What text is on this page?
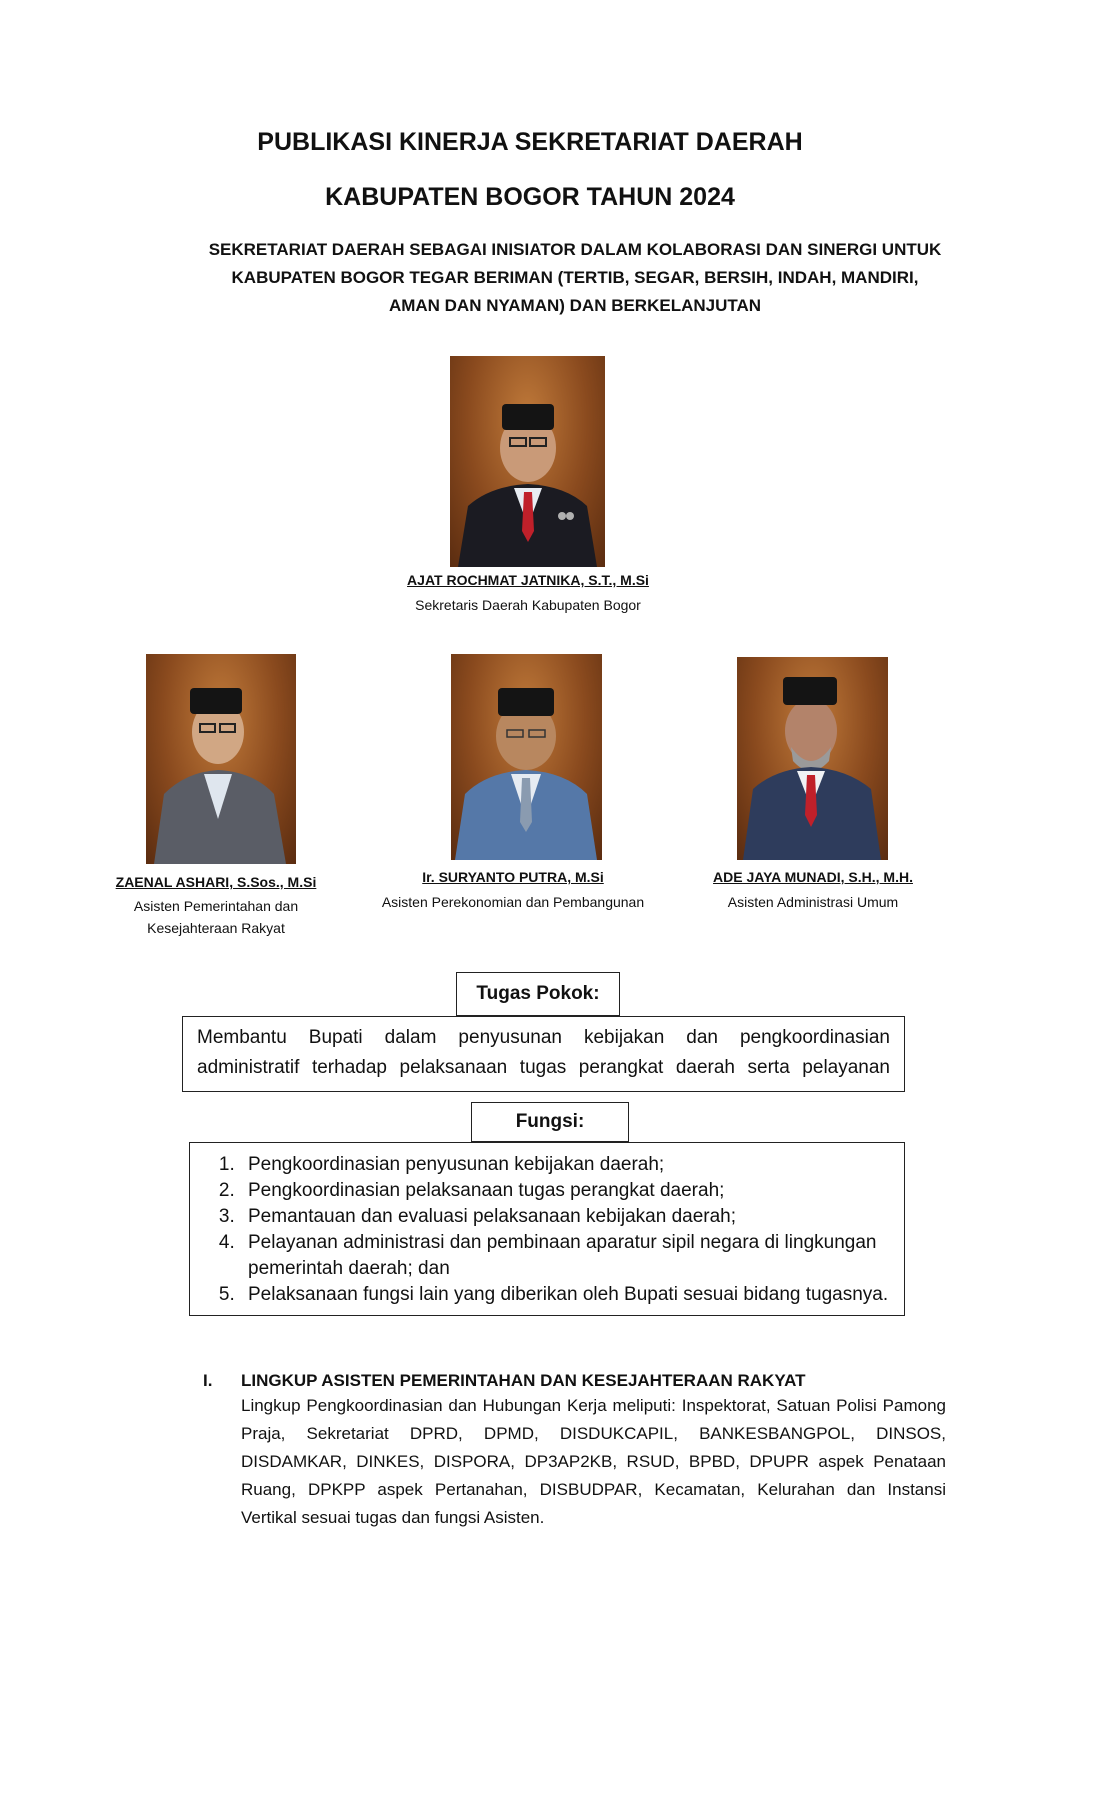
PUBLIKASI KINERJA SEKRETARIAT DAERAH
KABUPATEN BOGOR TAHUN 2024
SEKRETARIAT DAERAH SEBAGAI INISIATOR DALAM KOLABORASI DAN SINERGI UNTUK KABUPATEN BOGOR TEGAR BERIMAN (TERTIB, SEGAR, BERSIH, INDAH, MANDIRI, AMAN DAN NYAMAN) DAN BERKELANJUTAN
AJAT ROCHMAT JATNIKA, S.T., M.Si
Sekretaris Daerah Kabupaten Bogor
ZAENAL ASHARI, S.Sos., M.Si
Asisten Pemerintahan dan
Kesejahteraan Rakyat
Ir. SURYANTO PUTRA, M.Si
Asisten Perekonomian dan Pembangunan
ADE JAYA MUNADI, S.H., M.H.
Asisten Administrasi Umum
Tugas Pokok:
Membantu Bupati dalam penyusunan kebijakan dan pengkoordinasian
administratif terhadap pelaksanaan tugas perangkat daerah serta pelayanan
Fungsi:
1. Pengkoordinasian penyusunan kebijakan daerah;
2. Pengkoordinasian pelaksanaan tugas perangkat daerah;
3. Pemantauan dan evaluasi pelaksanaan kebijakan daerah;
4. Pelayanan administrasi dan pembinaan aparatur sipil negara di lingkungan pemerintah daerah; dan
5. Pelaksanaan fungsi lain yang diberikan oleh Bupati sesuai bidang tugasnya.
I. LINGKUP ASISTEN PEMERINTAHAN DAN KESEJAHTERAAN RAKYAT
Lingkup Pengkoordinasian dan Hubungan Kerja meliputi: Inspektorat, Satuan Polisi Pamong Praja, Sekretariat DPRD, DPMD, DISDUKCAPIL, BANKESBANGPOL, DINSOS, DISDAMKAR, DINKES, DISPORA, DP3AP2KB, RSUD, BPBD, DPUPR aspek Penataan Ruang, DPKPP aspek Pertanahan, DISBUDPAR, Kecamatan, Kelurahan dan Instansi Vertikal sesuai tugas dan fungsi Asisten.
